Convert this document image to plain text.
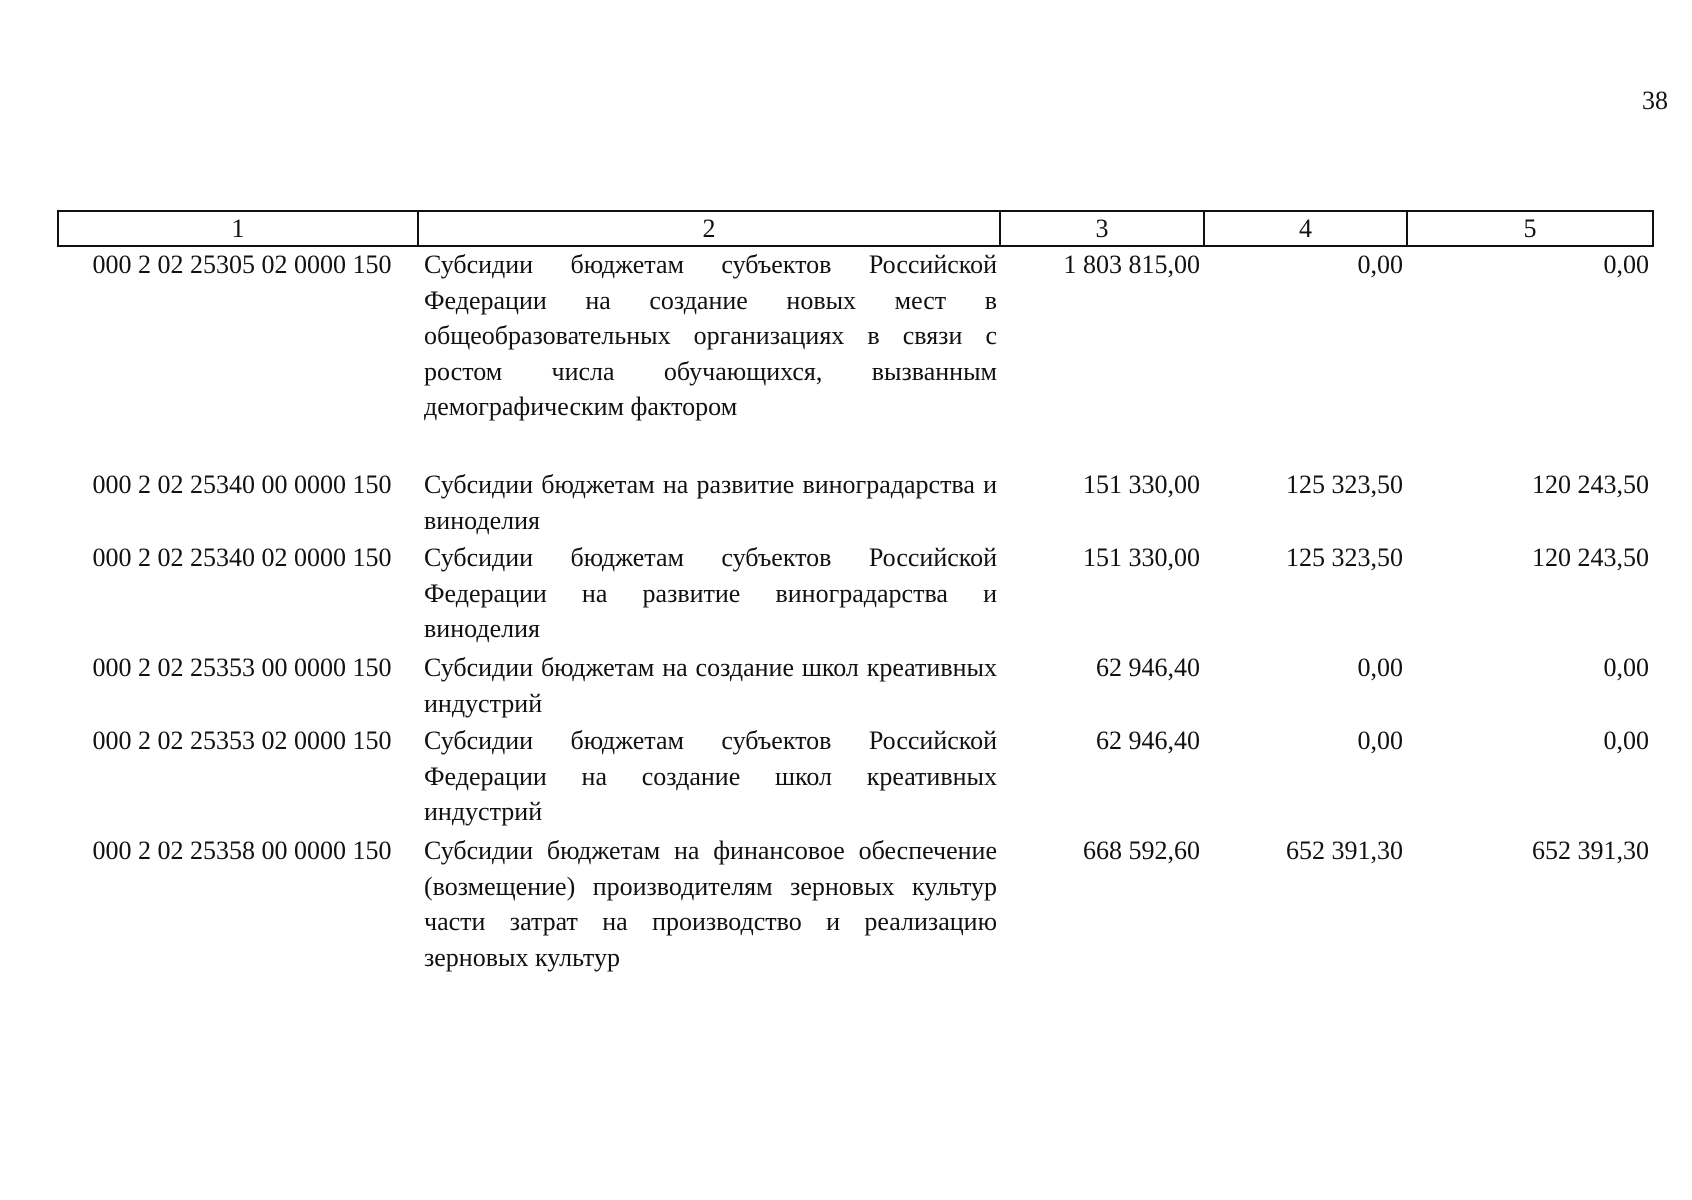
38
1	2	3	4	5
000 2 02 25305 02 0000 150	Субсидии бюджетам субъектов Российской Федерации на создание новых мест в общеобразовательных организациях в связи с ростом числа обучающихся, вызванным демографическим фактором	1 803 815,00	0,00	0,00
000 2 02 25340 00 0000 150	Субсидии бюджетам на развитие виноградарства и виноделия	151 330,00	125 323,50	120 243,50
000 2 02 25340 02 0000 150	Субсидии бюджетам субъектов Российской Федерации на развитие виноградарства и виноделия	151 330,00	125 323,50	120 243,50
000 2 02 25353 00 0000 150	Субсидии бюджетам на создание школ креативных индустрий	62 946,40	0,00	0,00
000 2 02 25353 02 0000 150	Субсидии бюджетам субъектов Российской Федерации на создание школ креативных индустрий	62 946,40	0,00	0,00
000 2 02 25358 00 0000 150	Субсидии бюджетам на финансовое обеспечение (возмещение) производителям зерновых культур части затрат на производство и реализацию зерновых культур	668 592,60	652 391,30	652 391,30
